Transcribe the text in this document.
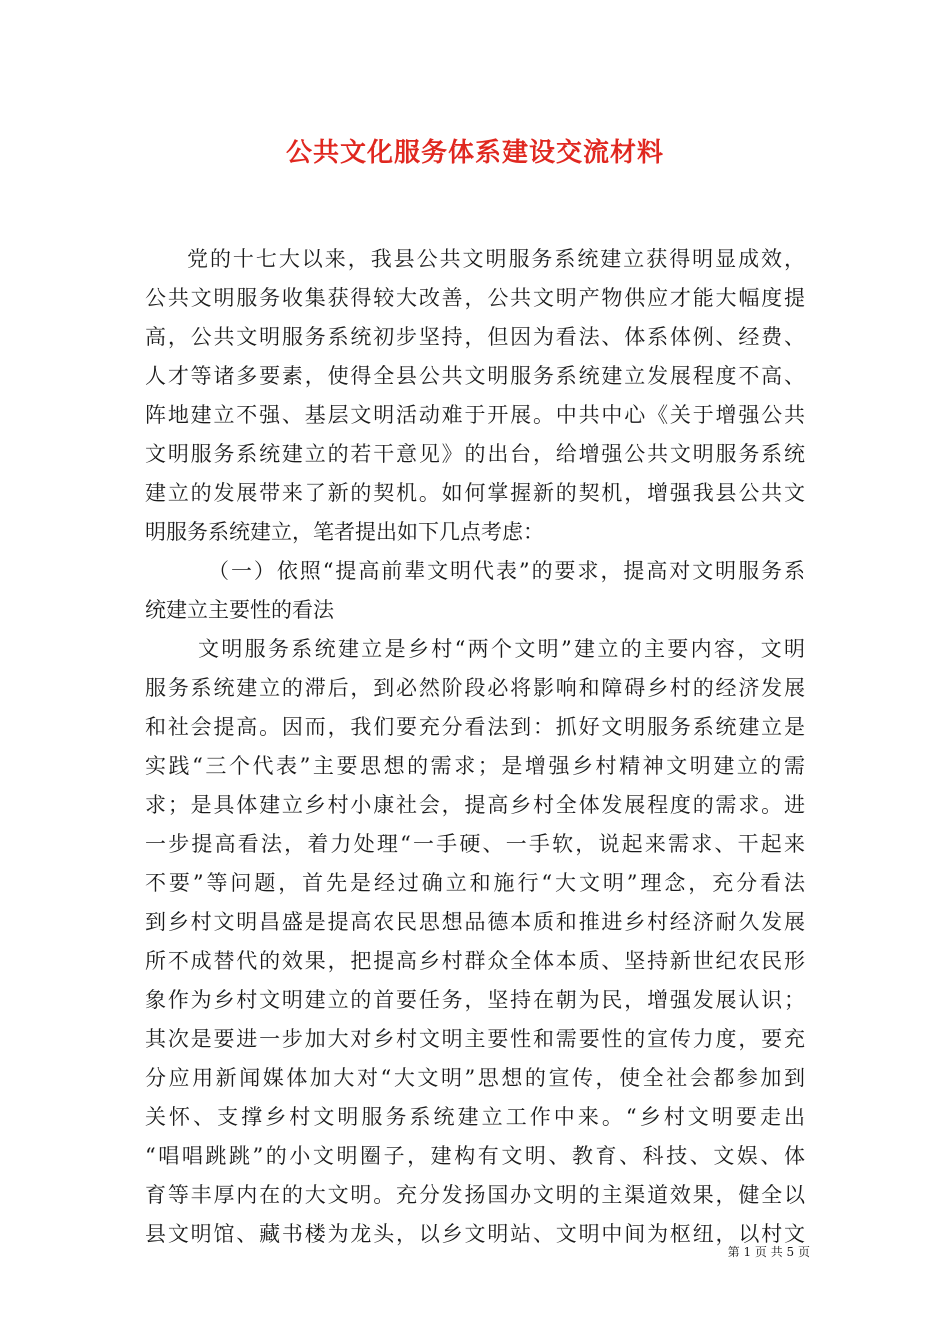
公共文化服务体系建设交流材料
党的十七大以来，我县公共文明服务系统建立获得明显成效，
公共文明服务收集获得较大改善，公共文明产物供应才能大幅度提
高，公共文明服务系统初步坚持，但因为看法、体系体例、经费、
人才等诸多要素，使得全县公共文明服务系统建立发展程度不高、
阵地建立不强、基层文明活动难于开展。中共中心《关于增强公共
文明服务系统建立的若干意见》的出台，给增强公共文明服务系统
建立的发展带来了新的契机。如何掌握新的契机，增强我县公共文
明服务系统建立，笔者提出如下几点考虑：
（一）依照“提高前辈文明代表”的要求，提高对文明服务系
统建立主要性的看法
文明服务系统建立是乡村“两个文明”建立的主要内容，文明
服务系统建立的滞后，到必然阶段必将影响和障碍乡村的经济发展
和社会提高。因而，我们要充分看法到：抓好文明服务系统建立是
实践“三个代表”主要思想的需求；是增强乡村精神文明建立的需
求；是具体建立乡村小康社会，提高乡村全体发展程度的需求。进
一步提高看法，着力处理“一手硬、一手软，说起来需求、干起来
不要”等问题，首先是经过确立和施行“大文明”理念，充分看法
到乡村文明昌盛是提高农民思想品德本质和推进乡村经济耐久发展
所不成替代的效果，把提高乡村群众全体本质、坚持新世纪农民形
象作为乡村文明建立的首要任务，坚持在朝为民，增强发展认识；
其次是要进一步加大对乡村文明主要性和需要性的宣传力度，要充
分应用新闻媒体加大对“大文明”思想的宣传，使全社会都参加到
关怀、支撑乡村文明服务系统建立工作中来。“乡村文明要走出
“唱唱跳跳”的小文明圈子，建构有文明、教育、科技、文娱、体
育等丰厚内在的大文明。充分发扬国办文明的主渠道效果，健全以
县文明馆、藏书楼为龙头，以乡文明站、文明中间为枢纽，以村文
第 1 页 共 5 页
